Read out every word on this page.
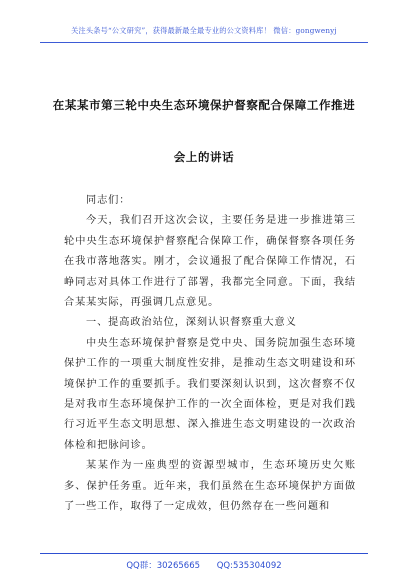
关注头条号“公文研究”，获得最新最全最专业的公文资料库！ 微信：gongwenyj
在某某市第三轮中央生态环境保护督察配合保障工作推进
会上的讲话

同志们：

今天，我们召开这次会议，主要任务是进一步推进第三轮中央生态环境保护督察配合保障工作，确保督察各项任务在我市落地落实。刚才，会议通报了配合保障工作情况，石峥同志对具体工作进行了部署，我都完全同意。下面，我结合某某实际，再强调几点意见。

一、提高政治站位，深刻认识督察重大意义

中央生态环境保护督察是党中央、国务院加强生态环境保护工作的一项重大制度性安排，是推动生态文明建设和环境保护工作的重要抓手。我们要深刻认识到，这次督察不仅是对我市生态环境保护工作的一次全面体检，更是对我们践行习近平生态文明思想、深入推进生态文明建设的一次政治体检和把脉问诊。

某某作为一座典型的资源型城市，生态环境历史欠账多、保护任务重。近年来，我们虽然在生态环境保护方面做了一些工作，取得了一定成效，但仍然存在一些问题和

QQ群：30265665 QQ:535304092
